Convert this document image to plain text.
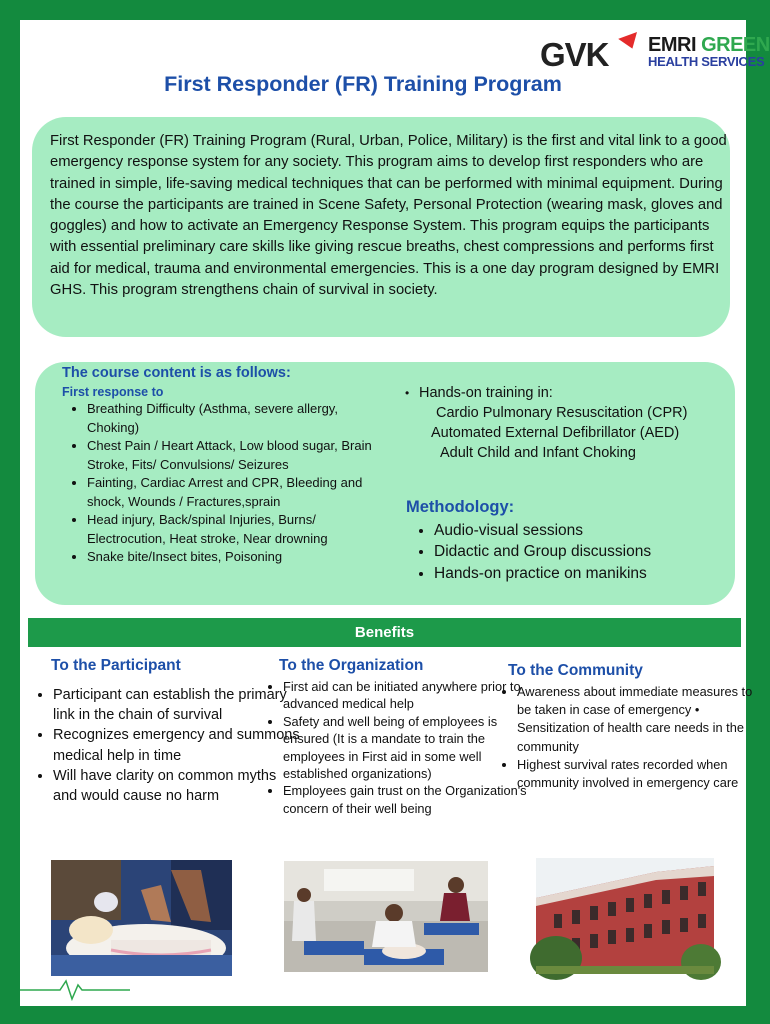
GVK EMRI GREEN
HEALTH SERVICES
First Responder (FR) Training Program

First Responder (FR) Training Program (Rural, Urban, Police, Military) is the first and vital link to a good emergency response system for any society. This program aims to develop first responders who are trained in simple, life-saving medical techniques that can be performed with minimal equipment. During the course the participants are trained in Scene Safety, Personal Protection (wearing mask, gloves and goggles) and how to activate an Emergency Response System. This program equips the participants with essential preliminary care skills like giving rescue breaths, chest compressions and performs first aid for medical, trauma and environmental emergencies. This is a one day program designed by EMRI GHS. This program strengthens chain of survival in society.

The course content is as follows:
First response to
• Breathing Difficulty (Asthma, severe allergy, Choking)
• Chest Pain / Heart Attack, Low blood sugar, Brain Stroke, Fits/ Convulsions/ Seizures
• Fainting, Cardiac Arrest and CPR, Bleeding and shock, Wounds / Fractures,sprain
• Head injury, Back/spinal Injuries, Burns/ Electrocution, Heat stroke, Near drowning
• Snake bite/Insect bites, Poisoning
• Hands-on training in:
Cardio Pulmonary Resuscitation (CPR)
Automated External Defibrillator (AED)
Adult Child and Infant Choking
Methodology:
• Audio-visual sessions
• Didactic and Group discussions
• Hands-on practice on manikins
Benefits
To the Participant	To the Organization	To the Community
• Participant can establish the primary link in the chain of survival
• Recognizes emergency and summons medical help in time
• Will have clarity on common myths and would cause no harm
• First aid can be initiated anywhere prior to advanced medical help
• Safety and well being of employees is ensured (It is a mandate to train the employees in First aid in some well established organizations)
• Employees gain trust on the Organization's concern of their well being
• Awareness about immediate measures to be taken in case of emergency • Sensitization of health care needs in the community
• Highest survival rates recorded when community involved in emergency care
